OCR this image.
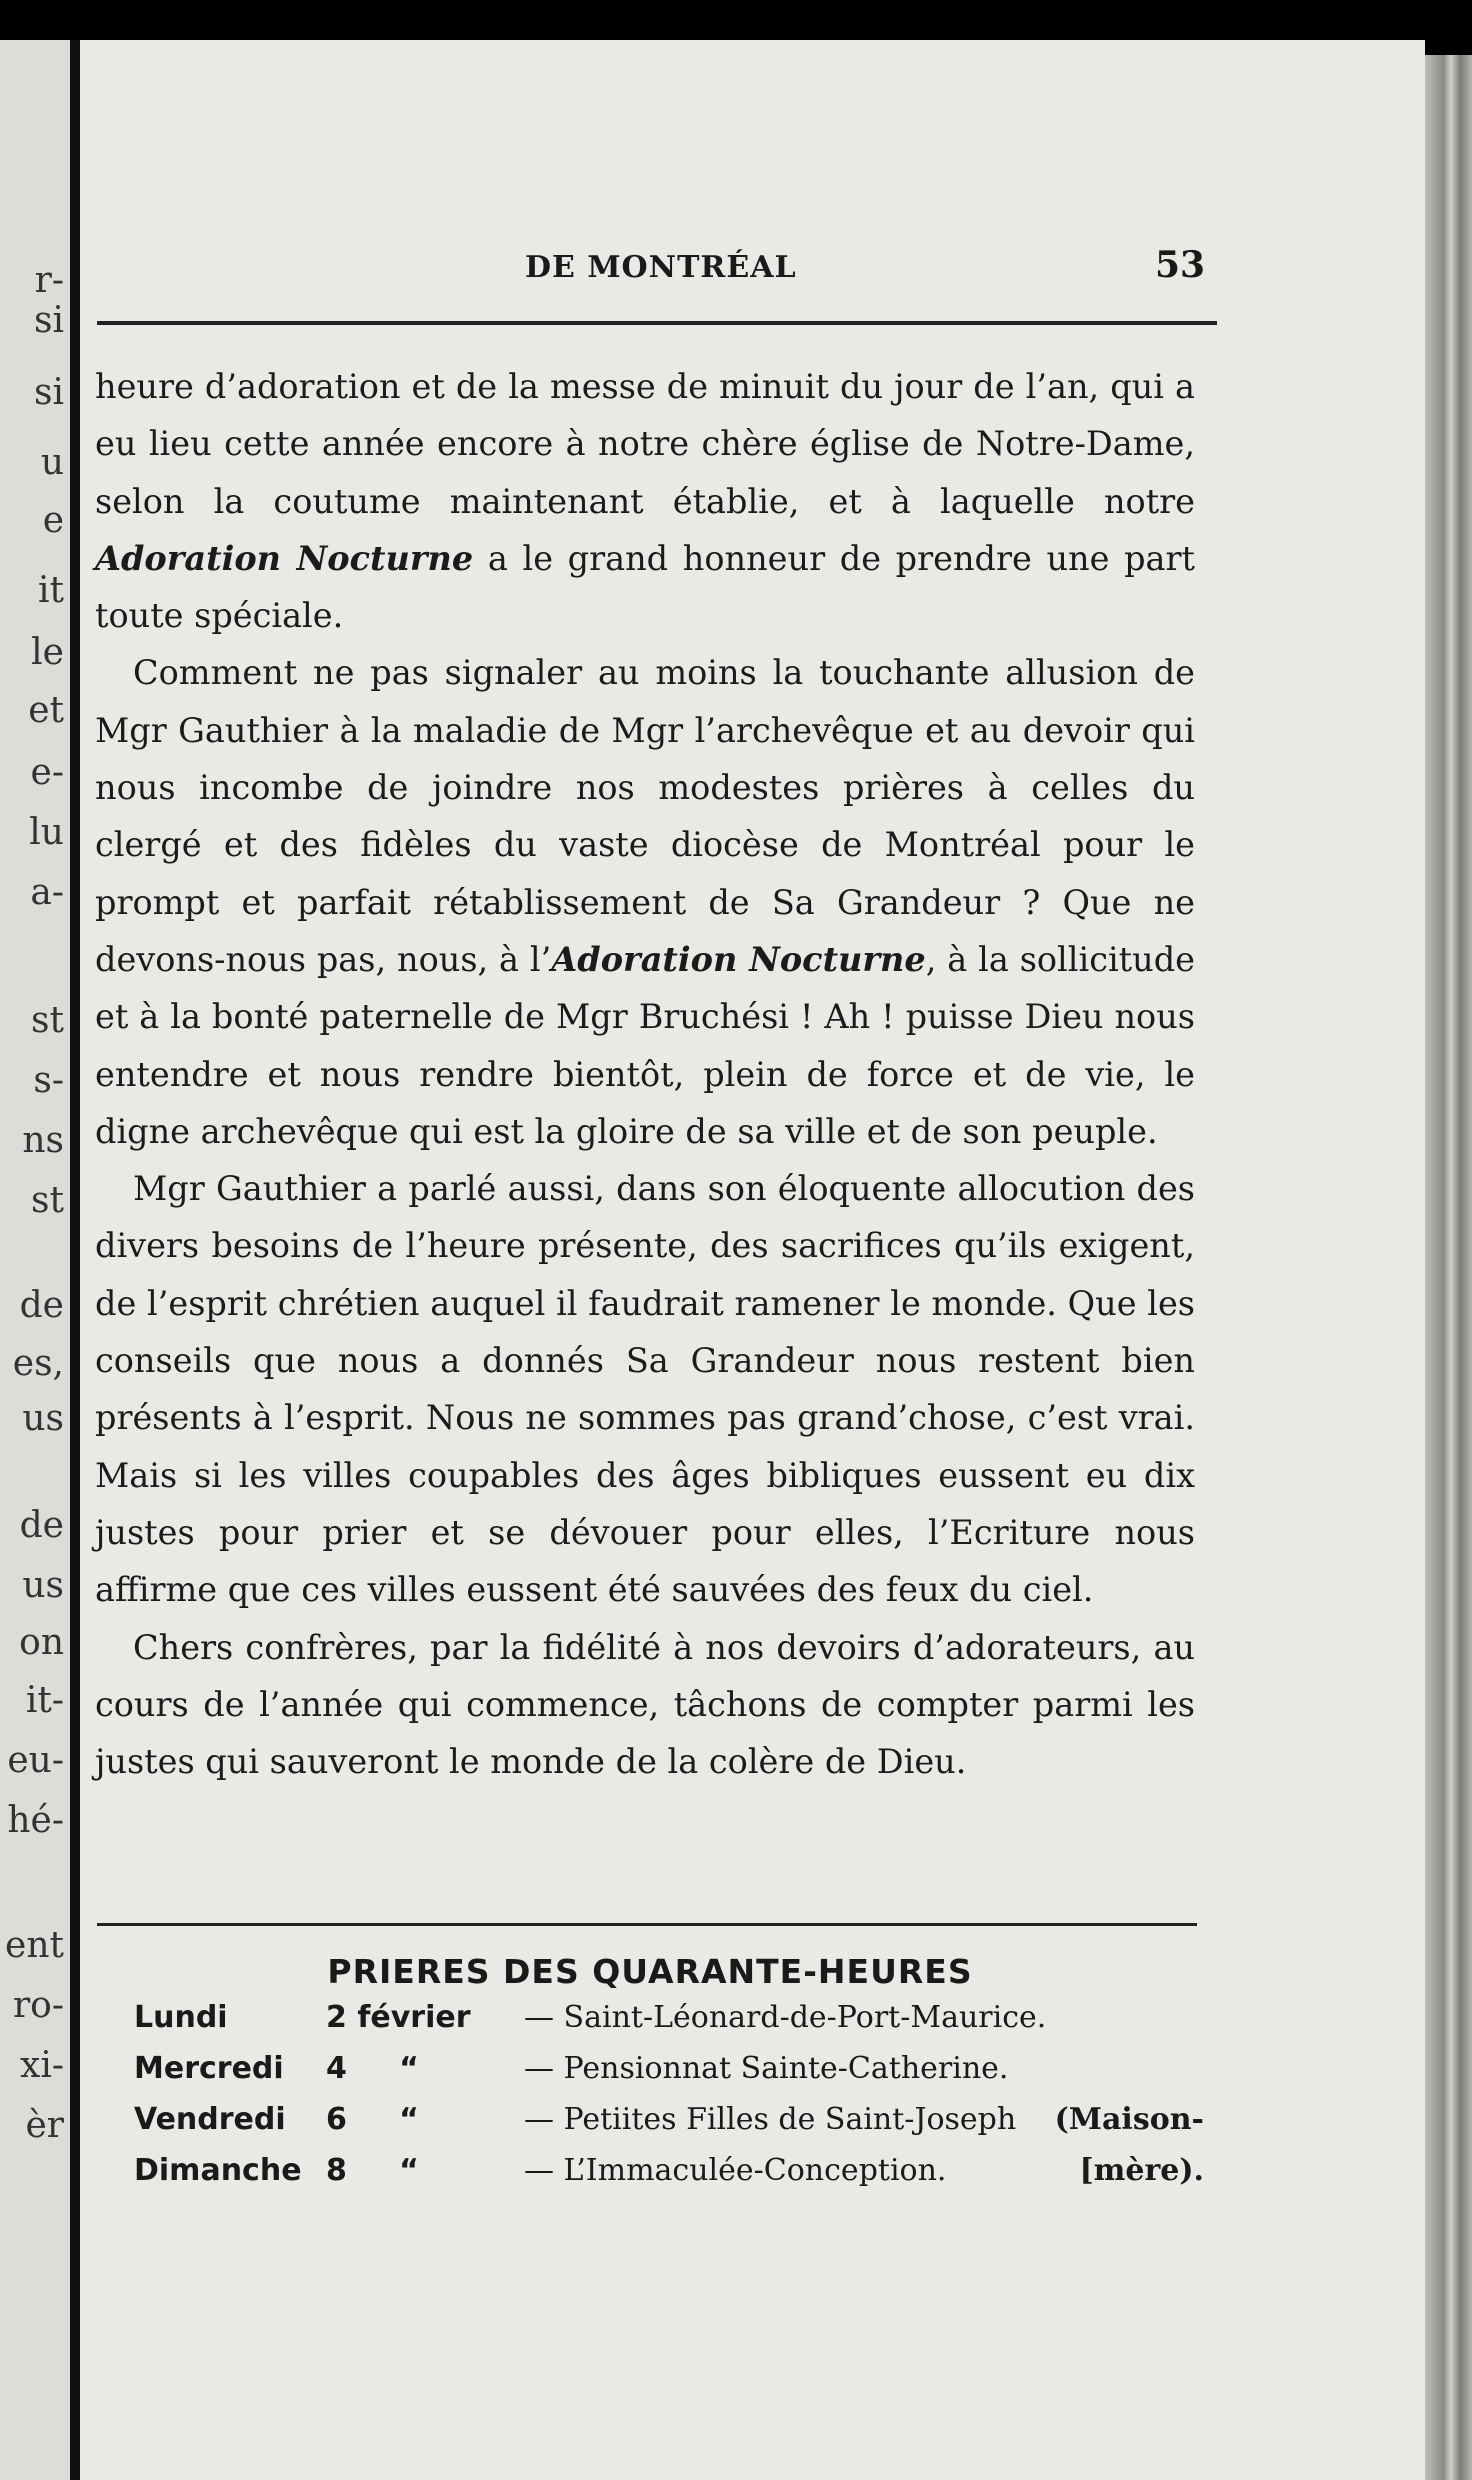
r-
si
si
u
e
it
le
et
e-
lu
a-
st
s-
ns
st
de
es,
us
de
us
on
it-
eu-
hé-
ent
ro-
xi-
èr
DE MONTRÉAL	53

heure d’adoration et de la messe de minuit du jour de l’an, qui a eu lieu cette année encore à notre chère église de Notre-Dame, selon la coutume maintenant établie, et à laquelle notre Adoration Nocturne a le grand honneur de prendre une part toute spéciale.

Comment ne pas signaler au moins la touchante allusion de Mgr Gauthier à la maladie de Mgr l’archevêque et au devoir qui nous incombe de joindre nos modestes prières à celles du clergé et des fidèles du vaste diocèse de Montréal pour le prompt et parfait rétablissement de Sa Grandeur ? Que ne devons-nous pas, nous, à l’Adoration Nocturne, à la sollicitude et à la bonté paternelle de Mgr Bruchési ! Ah ! puisse Dieu nous entendre et nous rendre bientôt, plein de force et de vie, le digne archevêque qui est la gloire de sa ville et de son peuple.

Mgr Gauthier a parlé aussi, dans son éloquente allocution des divers besoins de l’heure présente, des sacrifices qu’ils exigent, de l’esprit chrétien auquel il faudrait ramener le monde. Que les conseils que nous a donnés Sa Grandeur nous restent bien présents à l’esprit. Nous ne sommes pas grand’chose, c’est vrai. Mais si les villes coupables des âges bibliques eussent eu dix justes pour prier et se dévouer pour elles, l’Ecriture nous affirme que ces villes eussent été sauvées des feux du ciel.

Chers confrères, par la fidélité à nos devoirs d’adorateurs, au cours de l’année qui commence, tâchons de compter parmi les justes qui sauveront le monde de la colère de Dieu.

PRIERES DES QUARANTE-HEURES
Lundi	2 février — Saint-Léonard-de-Port-Maurice.
Mercredi 4     “	— Pensionnat Sainte-Catherine.
Vendredi 6     “	— Petiites Filles de Saint-Joseph (Maison-
Dimanche 8     “	— L’Immaculée-Conception.	[mère).
